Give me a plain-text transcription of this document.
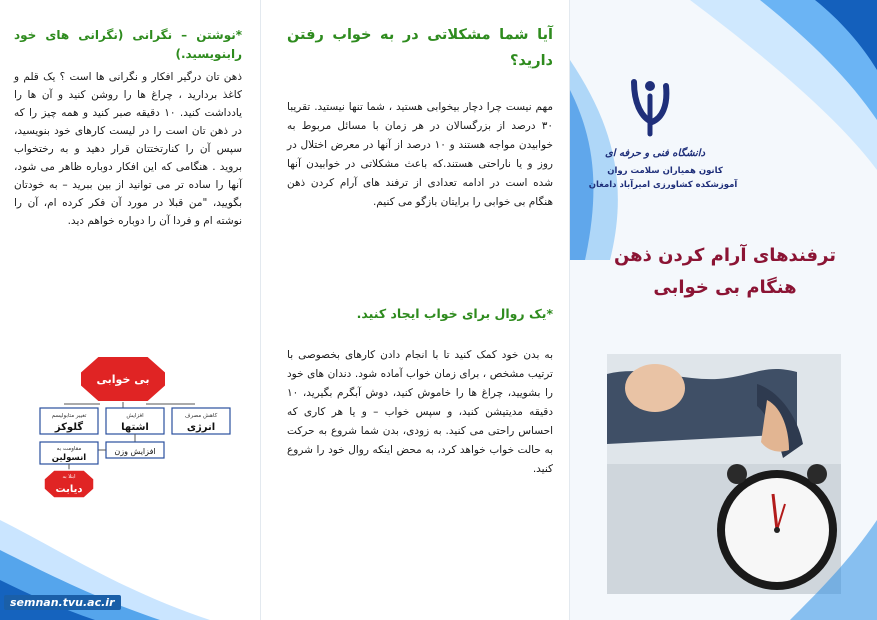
*نوشتن – نگرانی (نگرانی های خود رابنویسید.)
ذهن تان درگیر افکار و نگرانی ها است ؟ یک قلم و کاغذ بردارید ، چراغ ها را روشن کنید و آن ها را یادداشت کنید. ۱۰ دقیقه صبر کنید و همه چیز را که در ذهن تان است را در لیست کارهای خود بنویسید، سپس آن را کنارتختتان قرار دهید و به رختخواب بروید . هنگامی که این افکار دوباره ظاهر می شود، آنها را ساده تر می توانید از بین ببرید – به خودتان بگویید، "من قبلا در مورد آن فکر کرده ام، آن را نوشته ام و فردا آن را دوباره خواهم دید.
بی خوابی
تغییر متابولیسم
گلوکز
افزایش
اشتها
کاهش مصرف
انرژی
افزایش وزن
مقاومت به
انسولین
ابتلا به
دیابت
semnan.tvu.ac.ir
آیا شما مشکلاتی در به خواب رفتن دارید؟
مهم نیست چرا دچار بیخوابی هستید ، شما تنها نیستید. تقریبا ۳۰ درصد از بزرگسالان در هر زمان با مسائل مربوط به خوابیدن مواجه هستند و ۱۰ درصد از آنها در معرض اختلال در روز و یا ناراحتی هستند.که باعث مشکلاتی در خوابیدن آنها شده است در ادامه تعدادی از ترفند های آرام کردن ذهن هنگام بی خوابی را برایتان بازگو می کنیم.
*یک روال برای خواب ایجاد کنید.
به بدن خود کمک کنید تا با انجام دادن کارهای بخصوصی با ترتیب مشخص ، برای زمان خواب آماده شود. دندان های خود را بشویید، چراغ ها را خاموش کنید، دوش آبگرم بگیرید، ۱۰ دقیقه مدیتیشن کنید، و سپس خواب – و یا هر کاری که احساس راحتی می کنید. به زودی، بدن شما شروع به حرکت به حالت خواب خواهد کرد، به محض اینکه روال خود را شروع کنید.
دانشگاه فنی و حرفه ای
کانون همیاران سلامت روان
آموزشکده کشاورزی امیرآباد دامغان
ترفندهای آرام کردن ذهن هنگام بی خوابی
